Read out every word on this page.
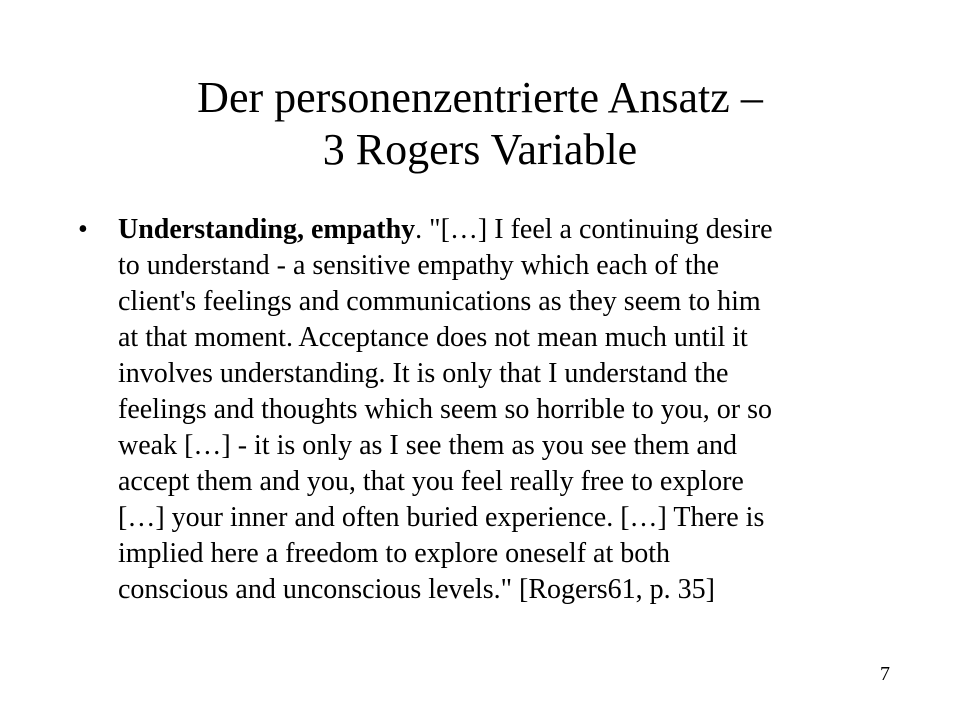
Der personenzentrierte Ansatz –
3 Rogers Variable
• Understanding, empathy. "[…] I feel a continuing desire
to understand - a sensitive empathy which each of the
client's feelings and communications as they seem to him
at that moment. Acceptance does not mean much until it
involves understanding. It is only that I understand the
feelings and thoughts which seem so horrible to you, or so
weak […] - it is only as I see them as you see them and
accept them and you, that you feel really free to explore
[…] your inner and often buried experience. […] There is
implied here a freedom to explore oneself at both
conscious and unconscious levels." [Rogers61, p. 35]
7
